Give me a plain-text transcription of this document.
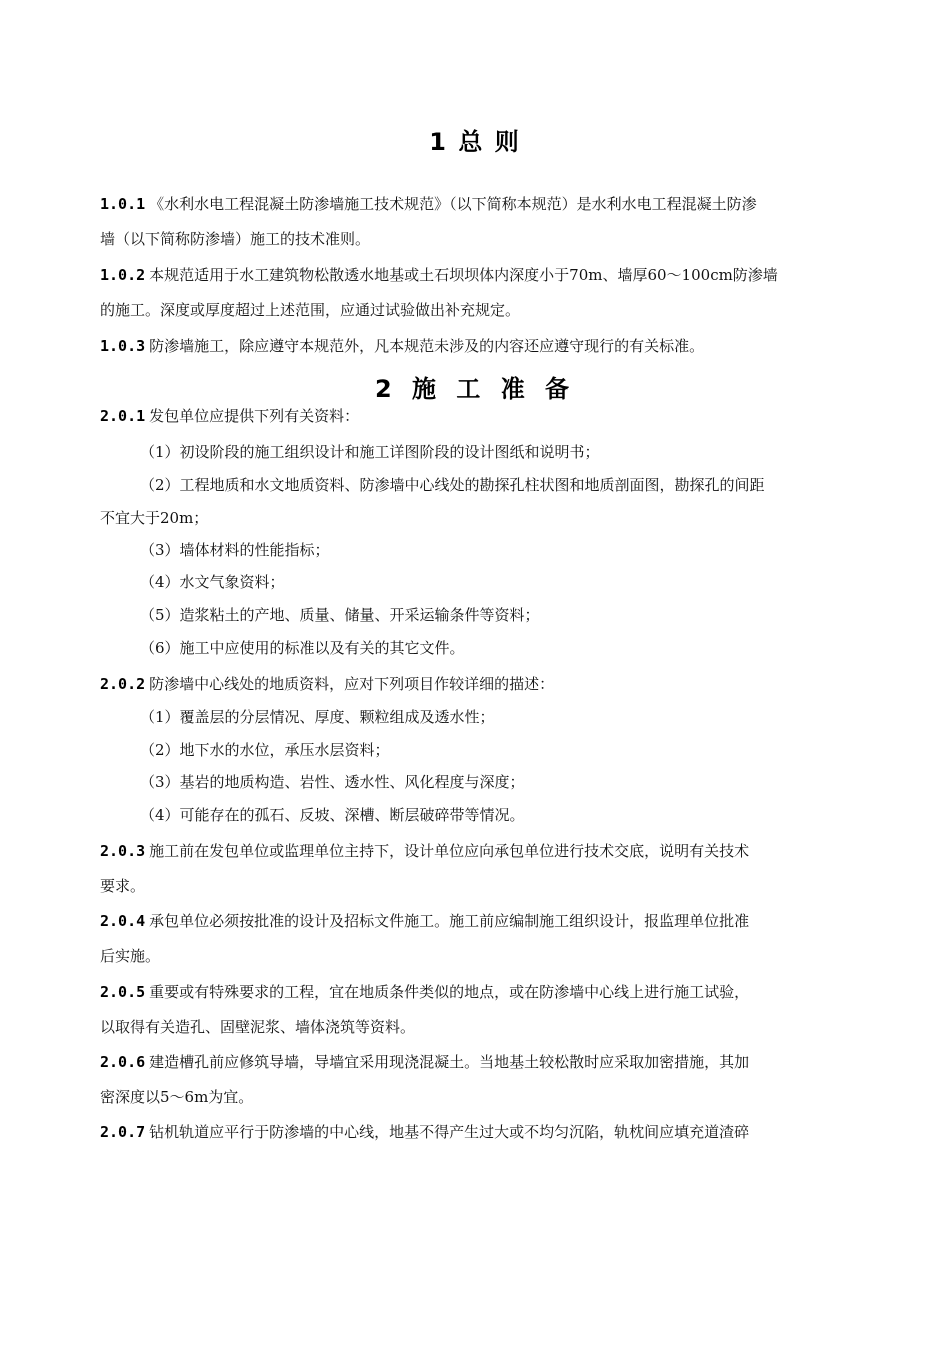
1 总 则
1.0.1 《水利水电工程混凝土防渗墙施工技术规范》（以下简称本规范）是水利水电工程混凝土防渗
墙（以下简称防渗墙）施工的技术准则。
1.0.2 本规范适用于水工建筑物松散透水地基或土石坝坝体内深度小于70m、墙厚60～100cm防渗墙
的施工。深度或厚度超过上述范围，应通过试验做出补充规定。
1.0.3 防渗墙施工，除应遵守本规范外，凡本规范未涉及的内容还应遵守现行的有关标准。
2 施 工 准 备
2.0.1 发包单位应提供下列有关资料：
（1）初设阶段的施工组织设计和施工详图阶段的设计图纸和说明书；
（2）工程地质和水文地质资料、防渗墙中心线处的勘探孔柱状图和地质剖面图，勘探孔的间距
不宜大于20m；
（3）墙体材料的性能指标；
（4）水文气象资料；
（5）造浆粘土的产地、质量、储量、开采运输条件等资料；
（6）施工中应使用的标准以及有关的其它文件。
2.0.2 防渗墙中心线处的地质资料，应对下列项目作较详细的描述：
（1）覆盖层的分层情况、厚度、颗粒组成及透水性；
（2）地下水的水位，承压水层资料；
（3）基岩的地质构造、岩性、透水性、风化程度与深度；
（4）可能存在的孤石、反坡、深槽、断层破碎带等情况。
2.0.3 施工前在发包单位或监理单位主持下，设计单位应向承包单位进行技术交底，说明有关技术
要求。
2.0.4 承包单位必须按批准的设计及招标文件施工。施工前应编制施工组织设计，报监理单位批准
后实施。
2.0.5 重要或有特殊要求的工程，宜在地质条件类似的地点，或在防渗墙中心线上进行施工试验，
以取得有关造孔、固壁泥浆、墙体浇筑等资料。
2.0.6 建造槽孔前应修筑导墙，导墙宜采用现浇混凝土。当地基土较松散时应采取加密措施，其加
密深度以5～6m为宜。
2.0.7 钻机轨道应平行于防渗墙的中心线，地基不得产生过大或不均匀沉陷，轨枕间应填充道渣碎
